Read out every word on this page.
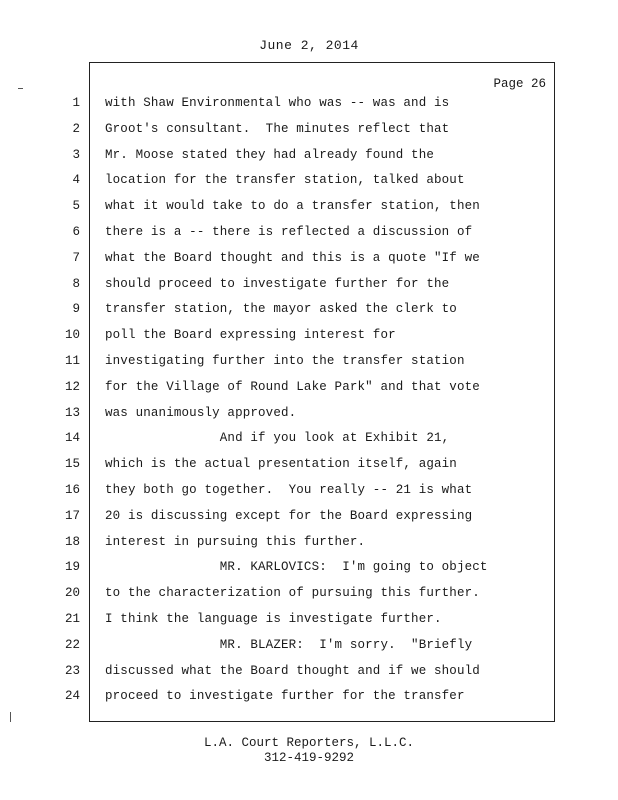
June 2, 2014
Page 26
1
2
3
4
5
6
7
8
9
10
11
12
13
14
15
16
17
18
19
20
21
22
23
24
with Shaw Environmental who was -- was and is
Groot's consultant.  The minutes reflect that
Mr. Moose stated they had already found the
location for the transfer station, talked about
what it would take to do a transfer station, then
there is a -- there is reflected a discussion of
what the Board thought and this is a quote "If we
should proceed to investigate further for the
transfer station, the mayor asked the clerk to
poll the Board expressing interest for
investigating further into the transfer station
for the Village of Round Lake Park" and that vote
was unanimously approved.
And if you look at Exhibit 21,
which is the actual presentation itself, again
they both go together.  You really -- 21 is what
20 is discussing except for the Board expressing
interest in pursuing this further.
MR. KARLOVICS:  I'm going to object
to the characterization of pursuing this further.
I think the language is investigate further.
MR. BLAZER:  I'm sorry.  "Briefly
discussed what the Board thought and if we should
proceed to investigate further for the transfer
L.A. Court Reporters, L.L.C.
312-419-9292
